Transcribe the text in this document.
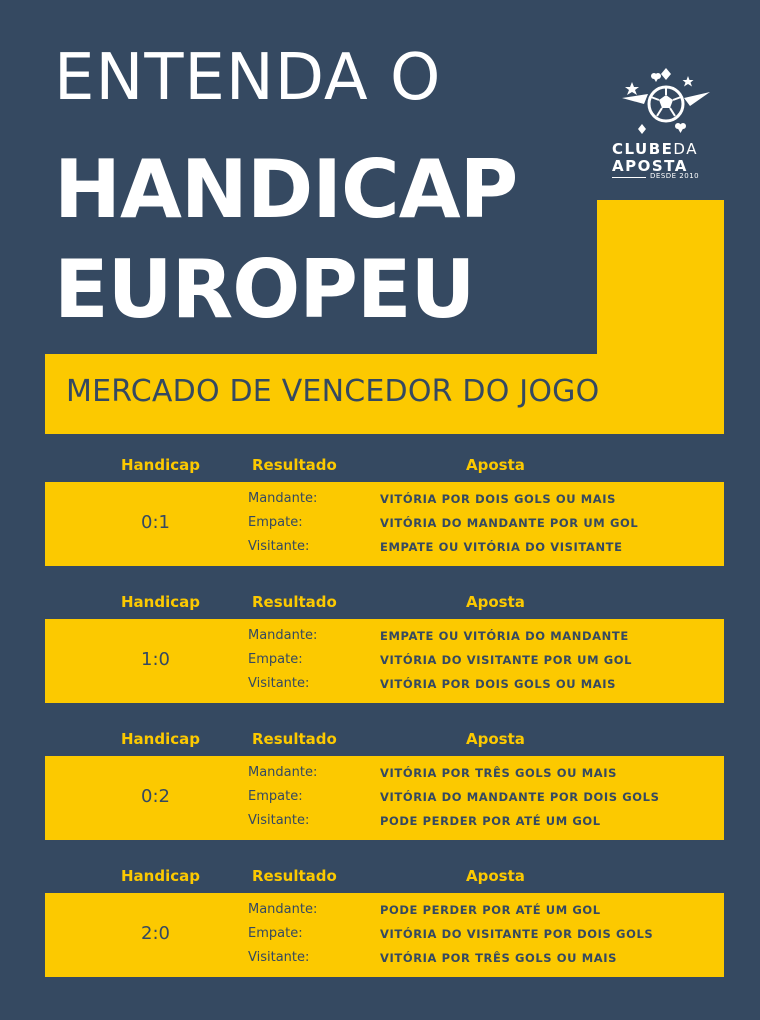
ENTENDA O
HANDICAP
EUROPEU
MERCADO DE VENCEDOR DO JOGO
CLUBEDA
APOSTA
DESDE 2010
Handicap	Resultado	Aposta
0:1
Mandante:	VITÓRIA POR DOIS GOLS OU MAIS
Empate:	VITÓRIA DO MANDANTE POR UM GOL
Visitante:	EMPATE OU VITÓRIA DO VISITANTE
Handicap	Resultado	Aposta
1:0
Mandante:	EMPATE OU VITÓRIA DO MANDANTE
Empate:	VITÓRIA DO VISITANTE POR UM GOL
Visitante:	VITÓRIA POR DOIS GOLS OU MAIS
Handicap	Resultado	Aposta
0:2
Mandante:	VITÓRIA POR TRÊS GOLS OU MAIS
Empate:	VITÓRIA DO MANDANTE POR DOIS GOLS
Visitante:	PODE PERDER POR ATÉ UM GOL
Handicap	Resultado	Aposta
2:0
Mandante:	PODE PERDER POR ATÉ UM GOL
Empate:	VITÓRIA DO VISITANTE POR DOIS GOLS
Visitante:	VITÓRIA POR TRÊS GOLS OU MAIS
